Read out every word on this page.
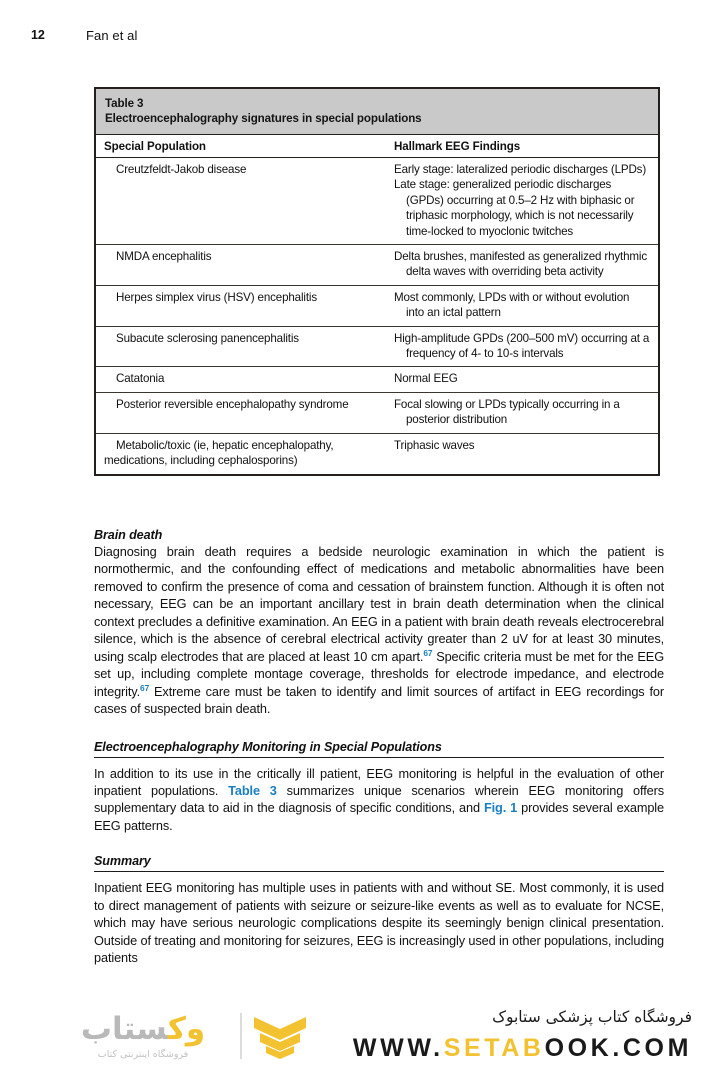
12	Fan et al
Table 3
Electroencephalography signatures in special populations
Special Population	Hallmark EEG Findings
Creutzfeldt-Jakob disease	Early stage: lateralized periodic discharges (LPDs)
Late stage: generalized periodic discharges (GPDs) occurring at 0.5–2 Hz with biphasic or triphasic morphology, which is not necessarily time-locked to myoclonic twitches

NMDA encephalitis	Delta brushes, manifested as generalized rhythmic delta waves with overriding beta activity

Herpes simplex virus (HSV) encephalitis	Most commonly, LPDs with or without evolution into an ictal pattern

Subacute sclerosing panencephalitis	High-amplitude GPDs (200–500 mV) occurring at a frequency of 4- to 10-s intervals

Catatonia	Normal EEG

Posterior reversible encephalopathy syndrome	Focal slowing or LPDs typically occurring in a posterior distribution

Metabolic/toxic (ie, hepatic encephalopathy, medications, including cephalosporins)	Triphasic waves
Brain death

Diagnosing brain death requires a bedside neurologic examination in which the patient is normothermic, and the confounding effect of medications and metabolic abnormalities have been removed to confirm the presence of coma and cessation of brainstem function. Although it is often not necessary, EEG can be an important ancillary test in brain death determination when the clinical context precludes a definitive examination. An EEG in a patient with brain death reveals electrocerebral silence, which is the absence of cerebral electrical activity greater than 2 uV for at least 30 minutes, using scalp electrodes that are placed at least 10 cm apart.$^{67}$ Specific criteria must be met for the EEG set up, including complete montage coverage, thresholds for electrode impedance, and electrode integrity.$^{67}$ Extreme care must be taken to identify and limit sources of artifact in EEG recordings for cases of suspected brain death.

Electroencephalography Monitoring in Special Populations

In addition to its use in the critically ill patient, EEG monitoring is helpful in the evaluation of other inpatient populations. Table 3 summarizes unique scenarios wherein EEG monitoring offers supplementary data to aid in the diagnosis of specific conditions, and Fig. 1 provides several example EEG patterns.

Summary

Inpatient EEG monitoring has multiple uses in patients with and without SE. Most commonly, it is used to direct management of patients with seizure or seizure-like events as well as to evaluate for NCSE, which may have serious neurologic complications despite its seemingly benign clinical presentation. Outside of treating and monitoring for seizures, EEG is increasingly used in other populations, including patients

وکستاب
فروشگاه اینترنتی کتاب
فروشگاه کتاب پزشکی ستابوک
WWW.SETABOOK.COM
